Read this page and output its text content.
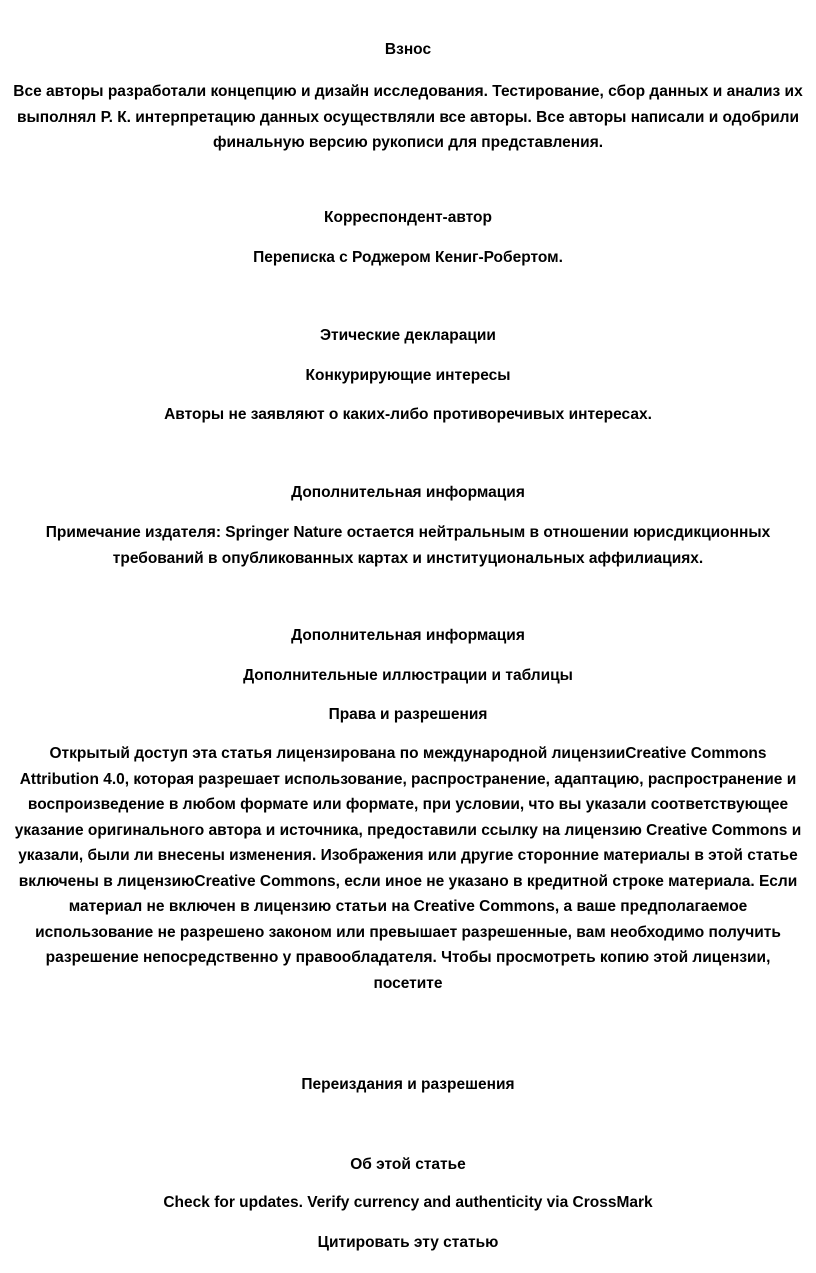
Взнос

Все авторы разработали концепцию и дизайн исследования. Тестирование, сбор данных и анализ их выполнял Р. К. интерпретацию данных осуществляли все авторы. Все авторы написали и одобрили финальную версию рукописи для представления.

Корреспондент-автор

Переписка с Роджером Кениг-Робертом.

Этические декларации
Конкурирующие интересы

Авторы не заявляют о каких-либо противоречивых интересах.

Дополнительная информация

Примечание издателя: Springer Nature остается нейтральным в отношении юрисдикционных требований в опубликованных картах и институциональных аффилиациях.

Дополнительная информация
Дополнительные иллюстрации и таблицы
Права и разрешения

Открытый доступ эта статья лицензирована по международной лицензииCreative Commons Attribution 4.0, которая разрешает использование, распространение, адаптацию, распространение и воспроизведение в любом формате или формате, при условии, что вы указали соответствующее указание оригинального автора и источника, предоставили ссылку на лицензию Creative Commons и указали, были ли внесены изменения. Изображения или другие сторонние материалы в этой статье включены в лицензиюCreative Commons, если иное не указано в кредитной строке материала. Если материал не включен в лицензию статьи на Creative Commons, а ваше предполагаемое использование не разрешено законом или превышает разрешенные, вам необходимо получить разрешение непосредственно у правообладателя. Чтобы просмотреть копию этой лицензии, посетите

Переиздания и разрешения
Об этой статье

Check for updates. Verify currency and authenticity via CrossMark

Цитировать эту статью
